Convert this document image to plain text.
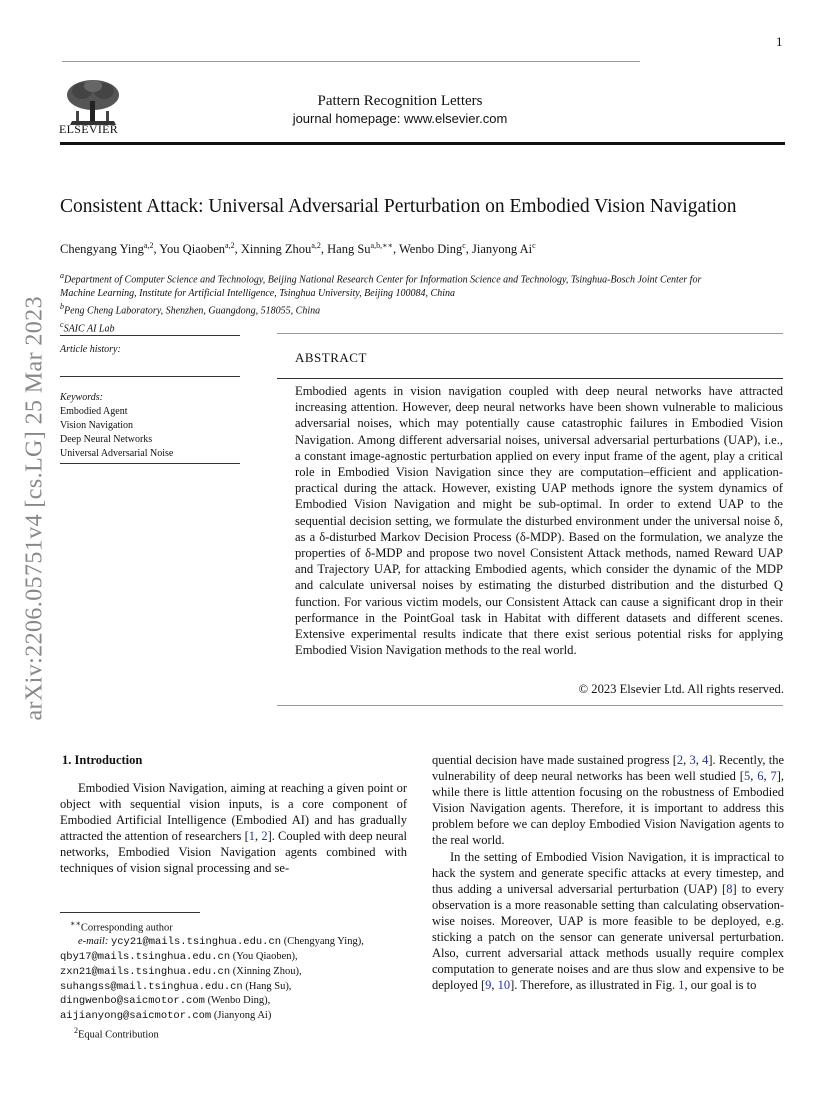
1
ELSEVIER
Pattern Recognition Letters
journal homepage: www.elsevier.com
arXiv:2206.05751v4 [cs.LG] 25 Mar 2023
Consistent Attack: Universal Adversarial Perturbation on Embodied Vision Navigation
Chengyang Ying$^{a,2}$, You Qiaoben$^{a,2}$, Xinning Zhou$^{a,2}$, Hang $Su^{a,b,∗∗}$, Wenbo Ding$^c$, Jianyong Ai$^c$
$^a$Department of Computer Science and Technology, Beijing National Research Center for Information Science and Technology, Tsinghua-Bosch Joint Center for
Machine Learning, Institute for Artificial Intelligence, Tsinghua University, Beijing 100084, China
$^b$Peng Cheng Laboratory, Shenzhen, Guangdong, 518055, China
$^c$SAIC AI Lab
Article history:
Keywords:
Embodied Agent
Vision Navigation
Deep Neural Networks
Universal Adversarial Noise
ABSTRACT
Embodied agents in vision navigation coupled with deep neural networks have attracted increasing attention. However, deep neural networks have been shown vulnerable to malicious adversarial noises, which may potentially cause catastrophic failures in Embodied Vision Navigation. Among different adversarial noises, universal adversarial perturbations (UAP), i.e., a constant image-agnostic perturbation applied on every input frame of the agent, play a critical role in Embodied Vision Navigation since they are computation–efficient and application-practical during the attack. However, existing UAP methods ignore the system dynamics of Embodied Vision Navigation and might be sub-optimal. In order to extend UAP to the sequential decision setting, we formulate the disturbed environment under the universal noise δ, as a δ-disturbed Markov Decision Process (δ-MDP). Based on the formulation, we analyze the properties of δ-MDP and propose two novel Consistent Attack methods, named Reward UAP and Trajectory UAP, for attacking Embodied agents, which consider the dynamic of the MDP and calculate universal noises by estimating the disturbed distribution and the disturbed Q function. For various victim models, our Consistent Attack can cause a significant drop in their performance in the PointGoal task in Habitat with different datasets and different scenes. Extensive experimental results indicate that there exist serious potential risks for applying Embodied Vision Navigation methods to the real world.
© 2023 Elsevier Ltd. All rights reserved.
1. Introduction

Embodied Vision Navigation, aiming at reaching a given point or object with sequential vision inputs, is a core component of Embodied Artificial Intelligence (Embodied AI) and has gradually attracted the attention of researchers [1, 2]. Coupled with deep neural networks, Embodied Vision Navigation agents combined with techniques of vision signal processing and se-

quential decision have made sustained progress [2, 3, 4]. Recently, the vulnerability of deep neural networks has been well studied [5, 6, 7], while there is little attention focusing on the robustness of Embodied Vision Navigation agents. Therefore, it is important to address this problem before we can deploy Embodied Vision Navigation agents to the real world.

In the setting of Embodied Vision Navigation, it is impractical to hack the system and generate specific attacks at every timestep, and thus adding a universal adversarial perturbation (UAP) [8] to every observation is a more reasonable setting than calculating observation-wise noises. Moreover, UAP is more feasible to be deployed, e.g. sticking a patch on the sensor can generate universal perturbation. Also, current adversarial attack methods usually require complex computation to generate noises and are thus slow and expensive to be deployed [9, 10]. Therefore, as illustrated in Fig. 1, our goal is to

∗∗Corresponding author
e-mail: ycy21@mails.tsinghua.edu.cn (Chengyang Ying),
qby17@mails.tsinghua.edu.cn (You Qiaoben),
zxn21@mails.tsinghua.edu.cn (Xinning Zhou),
suhangss@mail.tsinghua.edu.cn (Hang Su),
dingwenbo@saicmotor.com (Wenbo Ding),
aijianyong@saicmotor.com (Jianyong Ai)
$^2$Equal Contribution
